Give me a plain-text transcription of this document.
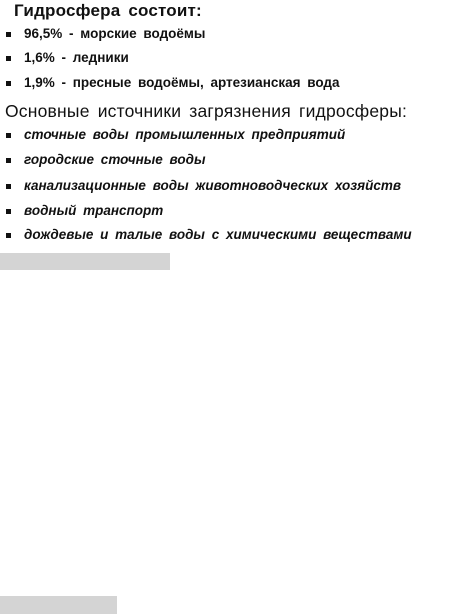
Гидросфера состоит:
96,5% - морские водоёмы
1,6% - ледники
1,9% - пресные водоёмы, артезианская вода
Основные источники загрязнения гидросферы:
сточные воды промышленных предприятий
городские сточные воды
канализационные воды животноводческих хозяйств
водный транспорт
дождевые и талые воды с химическими веществами
